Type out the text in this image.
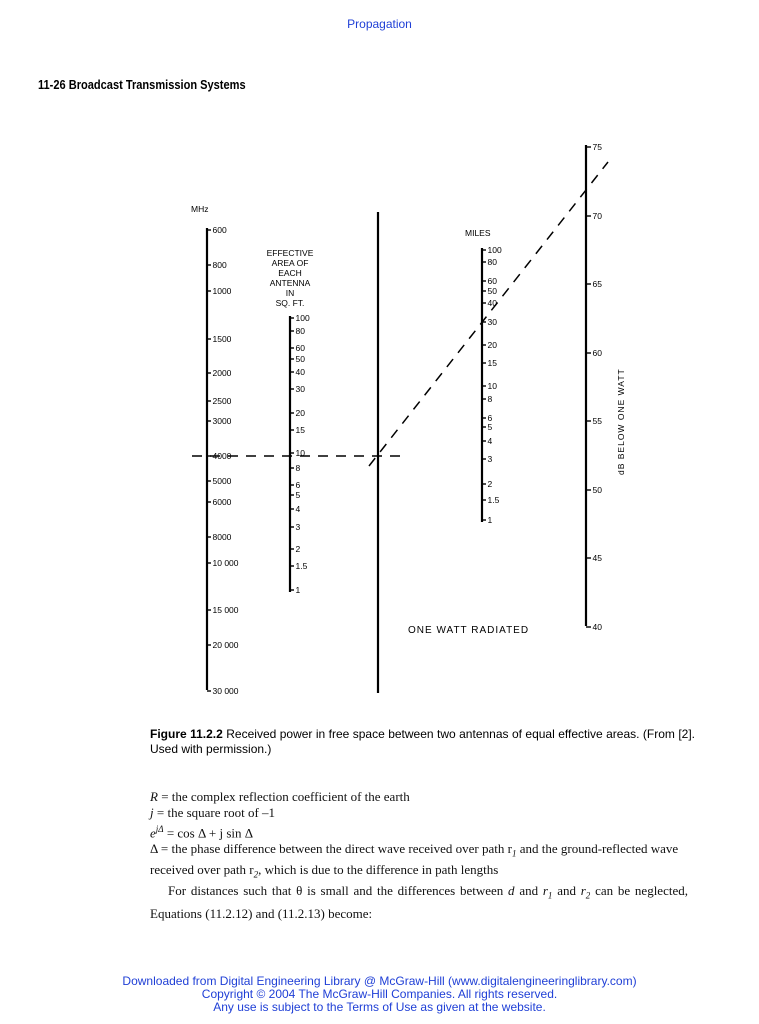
Propagation
11-26 Broadcast Transmission Systems
MHz
600
800
1000
1500
2000
2500
3000
4000
5000
6000
8000
10 000
15 000
20 000
30 000
EFFECTIVE
AREA OF
EACH
ANTENNA
IN
SQ. FT.
100
80
60
50
40
30
20
15
10
8
6
5
4
3
2
1.5
1
MILES
100
80
60
50
40
30
20
15
10
8
6
5
4
3
2
1.5
1
75
70
65
60
55
50
45
40
dB BELOW ONE WATT
ONE WATT RADIATED
Figure 11.2.2 Received power in free space between two antennas of equal effective areas. (From [2]. Used with permission.)
R = the complex reflection coefficient of the earth
j = the square root of –1
$e^{j\Delta} = \cos \Delta + j$ sin Δ
Δ = the phase difference between the direct wave received over path $r_1$ and the ground-reflected wave received over path $r_2$, which is due to the difference in path lengths
For distances such that θ is small and the differences between d and $r_1$ and $r_2$ can be neglected, Equations (11.2.12) and (11.2.13) become:
Downloaded from Digital Engineering Library @ McGraw-Hill (www.digitalengineeringlibrary.com)
Copyright © 2004 The McGraw-Hill Companies. All rights reserved.
Any use is subject to the Terms of Use as given at the website.
